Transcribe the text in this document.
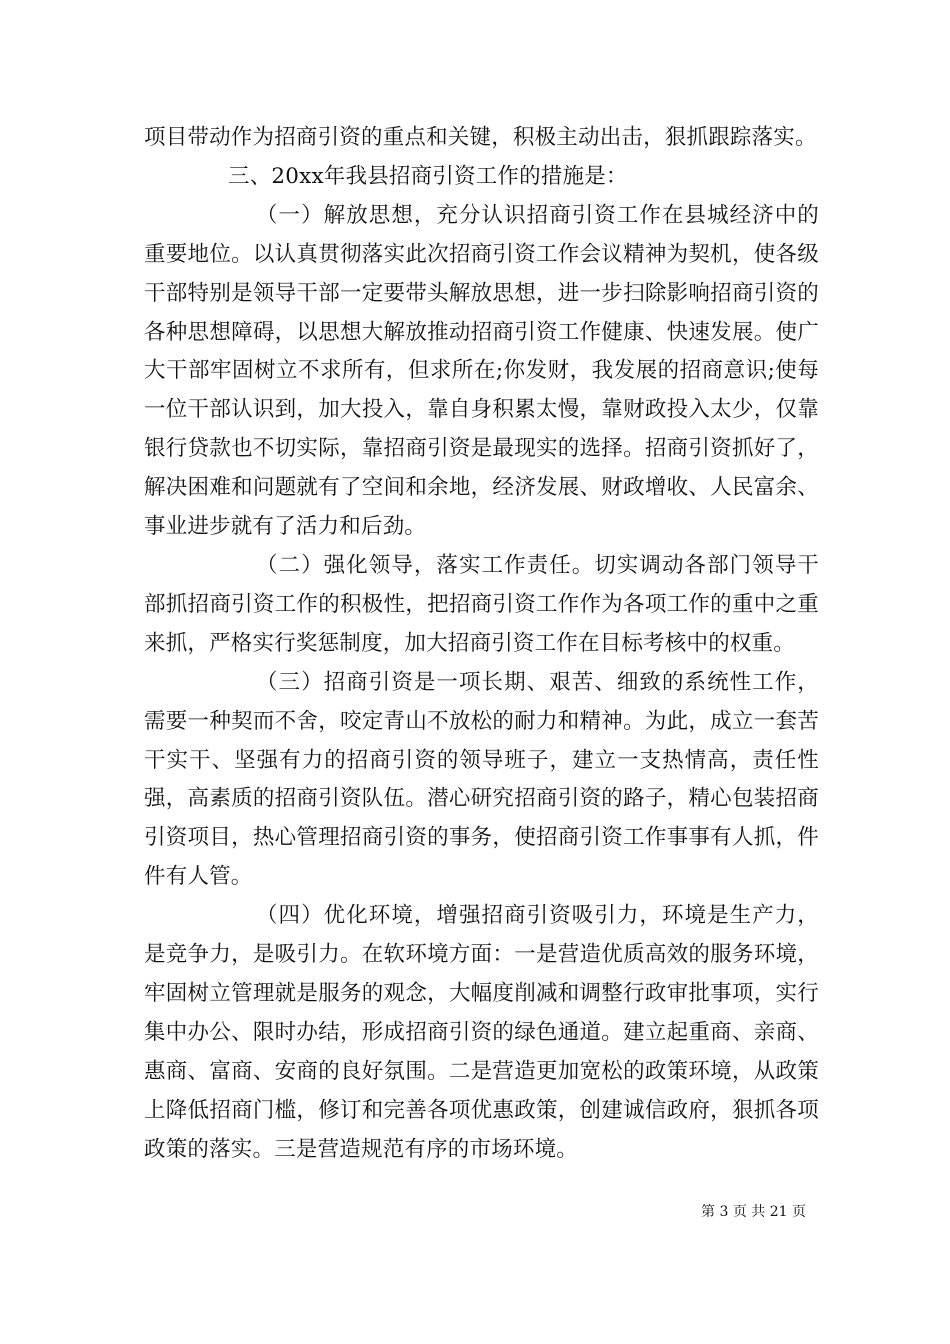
项目带动作为招商引资的重点和关键，积极主动出击，狠抓跟踪落实。

三、20xx年我县招商引资工作的措施是：

（一）解放思想，充分认识招商引资工作在县城经济中的重要地位。以认真贯彻落实此次招商引资工作会议精神为契机，使各级干部特别是领导干部一定要带头解放思想，进一步扫除影响招商引资的各种思想障碍，以思想大解放推动招商引资工作健康、快速发展。使广大干部牢固树立不求所有，但求所在;你发财，我发展的招商意识;使每一位干部认识到，加大投入，靠自身积累太慢，靠财政投入太少，仅靠银行贷款也不切实际，靠招商引资是最现实的选择。招商引资抓好了，解决困难和问题就有了空间和余地，经济发展、财政增收、人民富余、事业进步就有了活力和后劲。

（二）强化领导，落实工作责任。切实调动各部门领导干部抓招商引资工作的积极性，把招商引资工作作为各项工作的重中之重来抓，严格实行奖惩制度，加大招商引资工作在目标考核中的权重。

（三）招商引资是一项长期、艰苦、细致的系统性工作，需要一种契而不舍，咬定青山不放松的耐力和精神。为此，成立一套苦干实干、坚强有力的招商引资的领导班子，建立一支热情高，责任性强，高素质的招商引资队伍。潜心研究招商引资的路子，精心包装招商引资项目，热心管理招商引资的事务，使招商引资工作事事有人抓，件件有人管。

（四）优化环境，增强招商引资吸引力，环境是生产力，是竞争力，是吸引力。在软环境方面：一是营造优质高效的服务环境，牢固树立管理就是服务的观念，大幅度削减和调整行政审批事项，实行集中办公、限时办结，形成招商引资的绿色通道。建立起重商、亲商、惠商、富商、安商的良好氛围。二是营造更加宽松的政策环境，从政策上降低招商门槛，修订和完善各项优惠政策，创建诚信政府，狠抓各项政策的落实。三是营造规范有序的市场环境。

第 3 页 共 21 页
